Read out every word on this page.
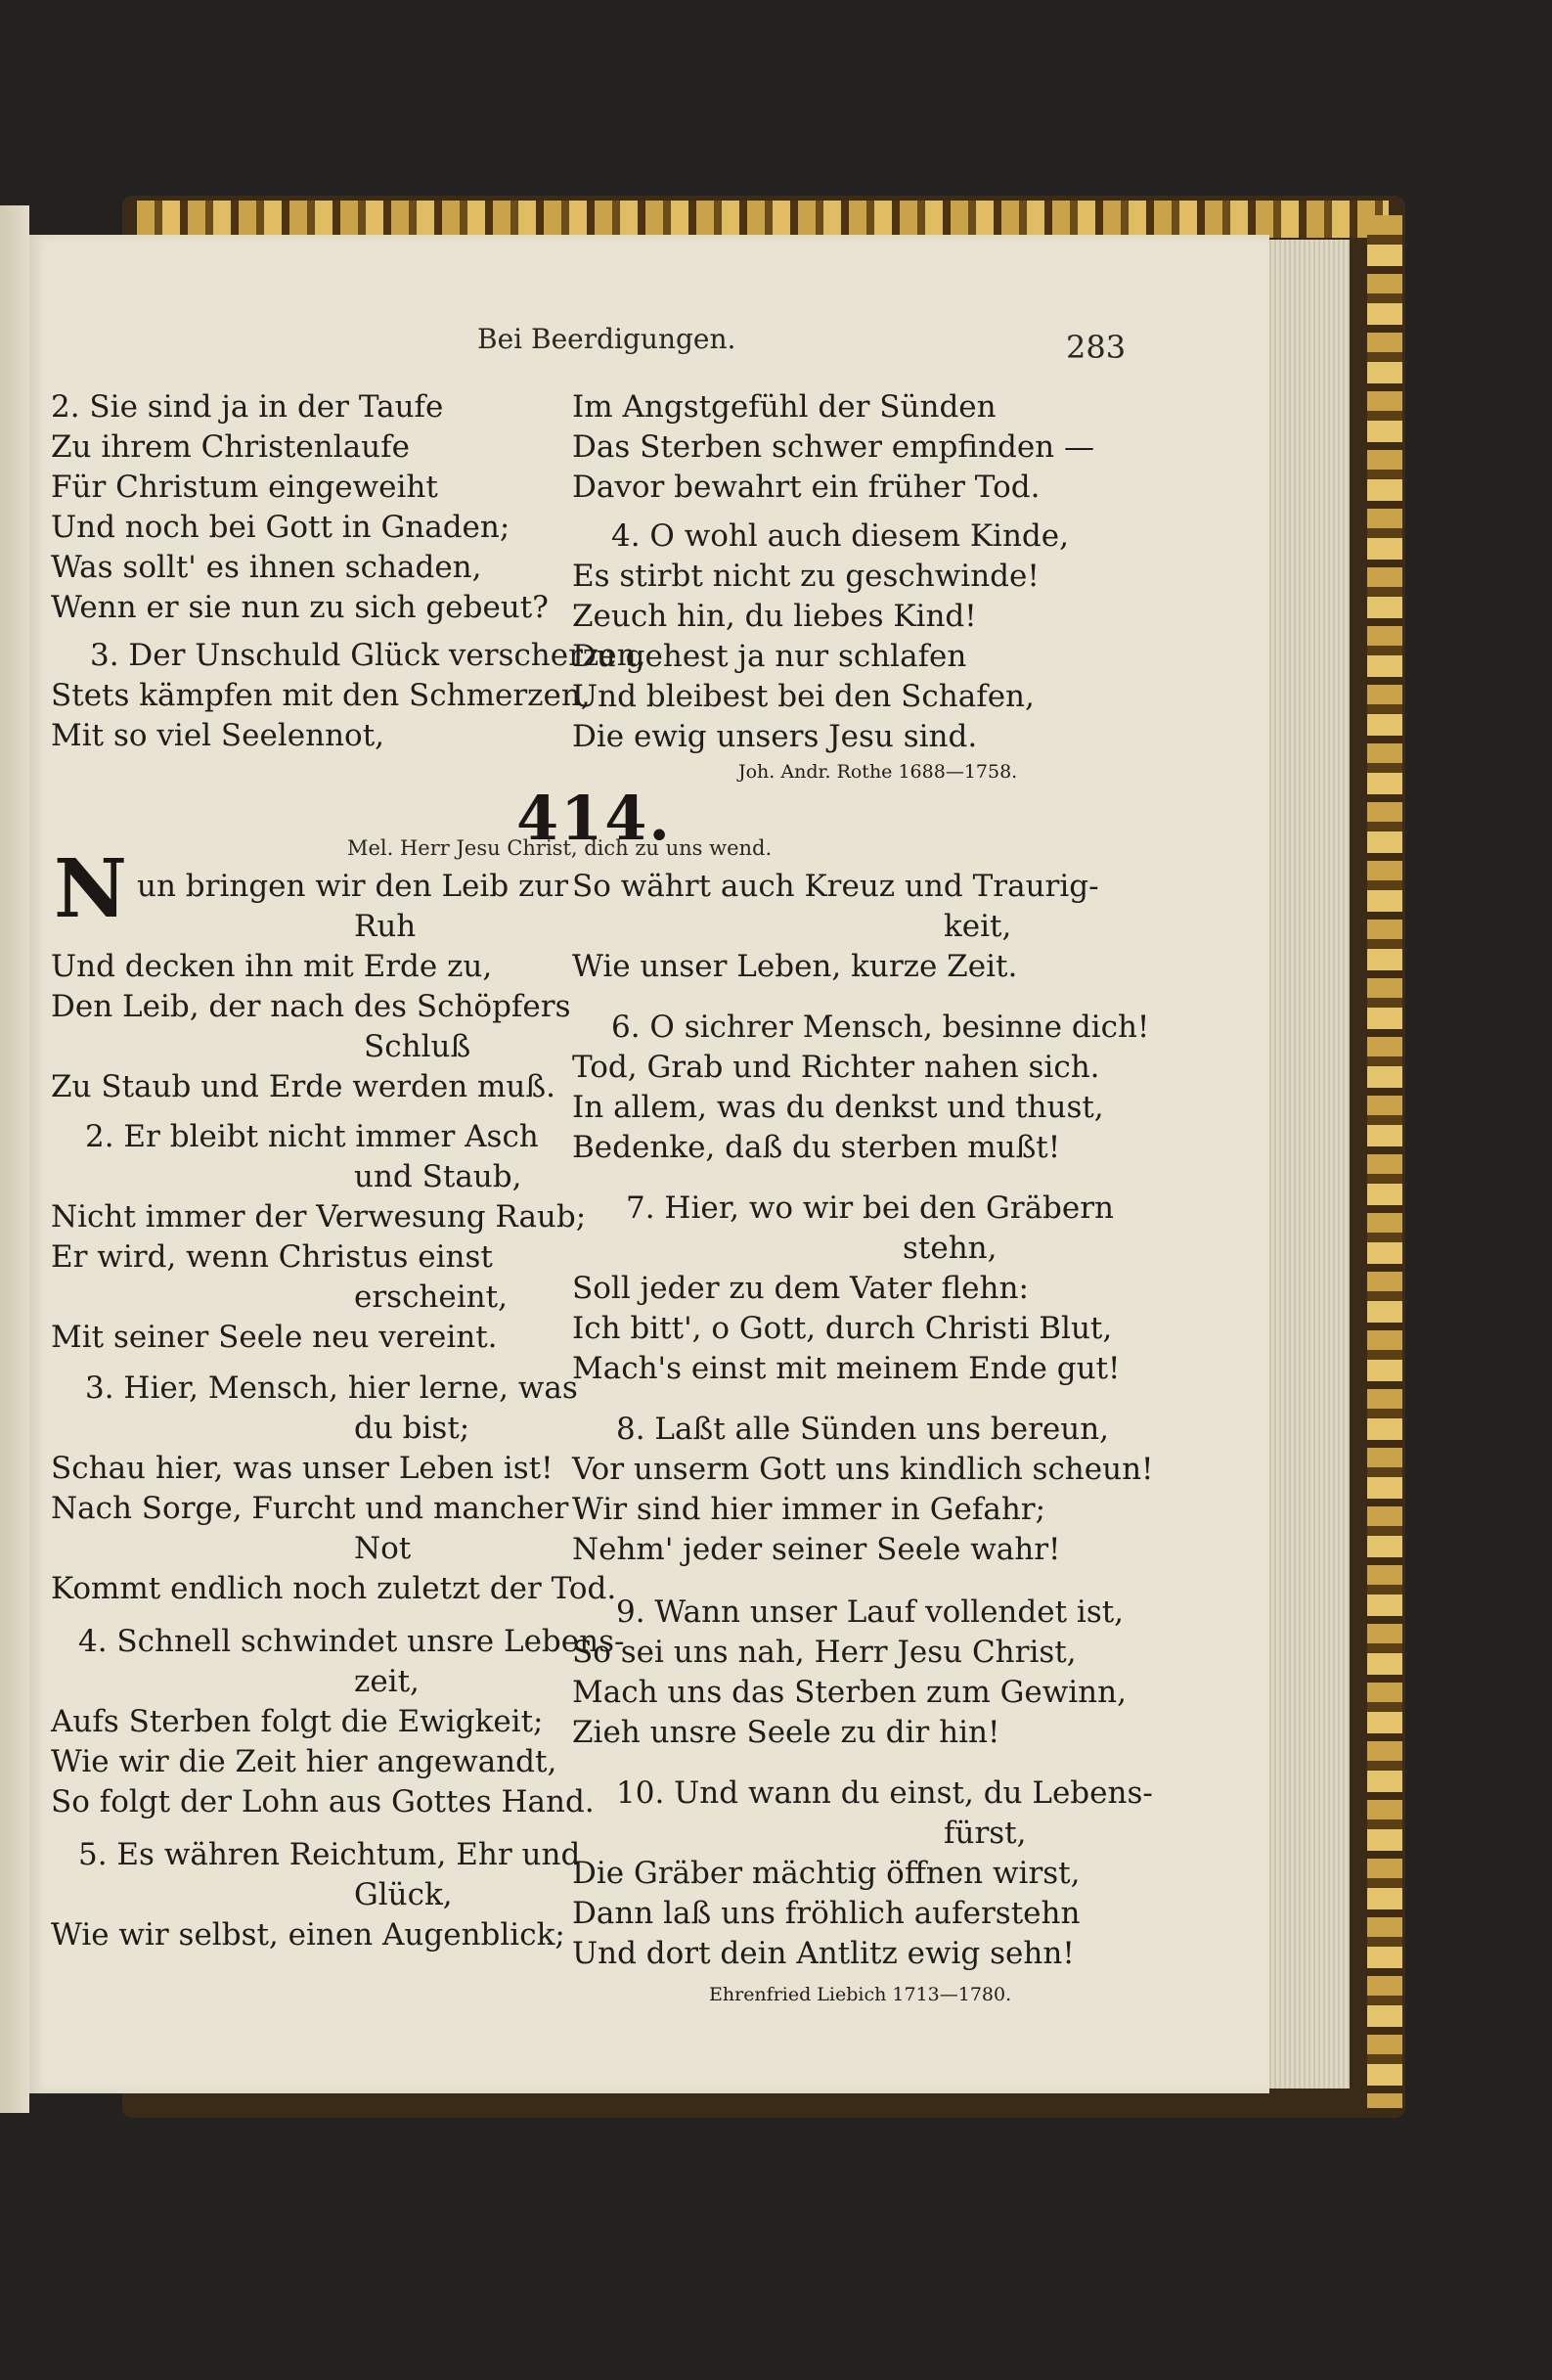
Bei Beerdigungen.	283
2. Sie sind ja in der Taufe
Zu ihrem Christenlaufe
Für Christum eingeweiht
Und noch bei Gott in Gnaden;
Was sollt' es ihnen schaden,
Wenn er sie nun zu sich gebeut?
3. Der Unschuld Glück verscherzen,
Stets kämpfen mit den Schmerzen,
Mit so viel Seelennot,
Im Angstgefühl der Sünden
Das Sterben schwer empfinden —
Davor bewahrt ein früher Tod.
4. O wohl auch diesem Kinde,
Es stirbt nicht zu geschwinde!
Zeuch hin, du liebes Kind!
Du gehest ja nur schlafen
Und bleibest bei den Schafen,
Die ewig unsers Jesu sind.
Joh. Andr. Rothe 1688—1758.
414.
Mel. Herr Jesu Christ, dich zu uns wend.
N un bringen wir den Leib zur
Ruh
Und decken ihn mit Erde zu,
Den Leib, der nach des Schöpfers
Schluß
Zu Staub und Erde werden muß.
2. Er bleibt nicht immer Asch
und Staub,
Nicht immer der Verwesung Raub;
Er wird, wenn Christus einst
erscheint,
Mit seiner Seele neu vereint.
3. Hier, Mensch, hier lerne, was
du bist;
Schau hier, was unser Leben ist!
Nach Sorge, Furcht und mancher
Not
Kommt endlich noch zuletzt der Tod.
4. Schnell schwindet unsre Lebens-
zeit,
Aufs Sterben folgt die Ewigkeit;
Wie wir die Zeit hier angewandt,
So folgt der Lohn aus Gottes Hand.
5. Es währen Reichtum, Ehr und
Glück,
Wie wir selbst, einen Augenblick;
So währt auch Kreuz und Traurig-
keit,
Wie unser Leben, kurze Zeit.
6. O sichrer Mensch, besinne dich!
Tod, Grab und Richter nahen sich.
In allem, was du denkst und thust,
Bedenke, daß du sterben mußt!
7. Hier, wo wir bei den Gräbern
stehn,
Soll jeder zu dem Vater flehn:
Ich bitt', o Gott, durch Christi Blut,
Mach's einst mit meinem Ende gut!
8. Laßt alle Sünden uns bereun,
Vor unserm Gott uns kindlich scheun!
Wir sind hier immer in Gefahr;
Nehm' jeder seiner Seele wahr!
9. Wann unser Lauf vollendet ist,
So sei uns nah, Herr Jesu Christ,
Mach uns das Sterben zum Gewinn,
Zieh unsre Seele zu dir hin!
10. Und wann du einst, du Lebens-
fürst,
Die Gräber mächtig öffnen wirst,
Dann laß uns fröhlich auferstehn
Und dort dein Antlitz ewig sehn!
Ehrenfried Liebich 1713—1780.
